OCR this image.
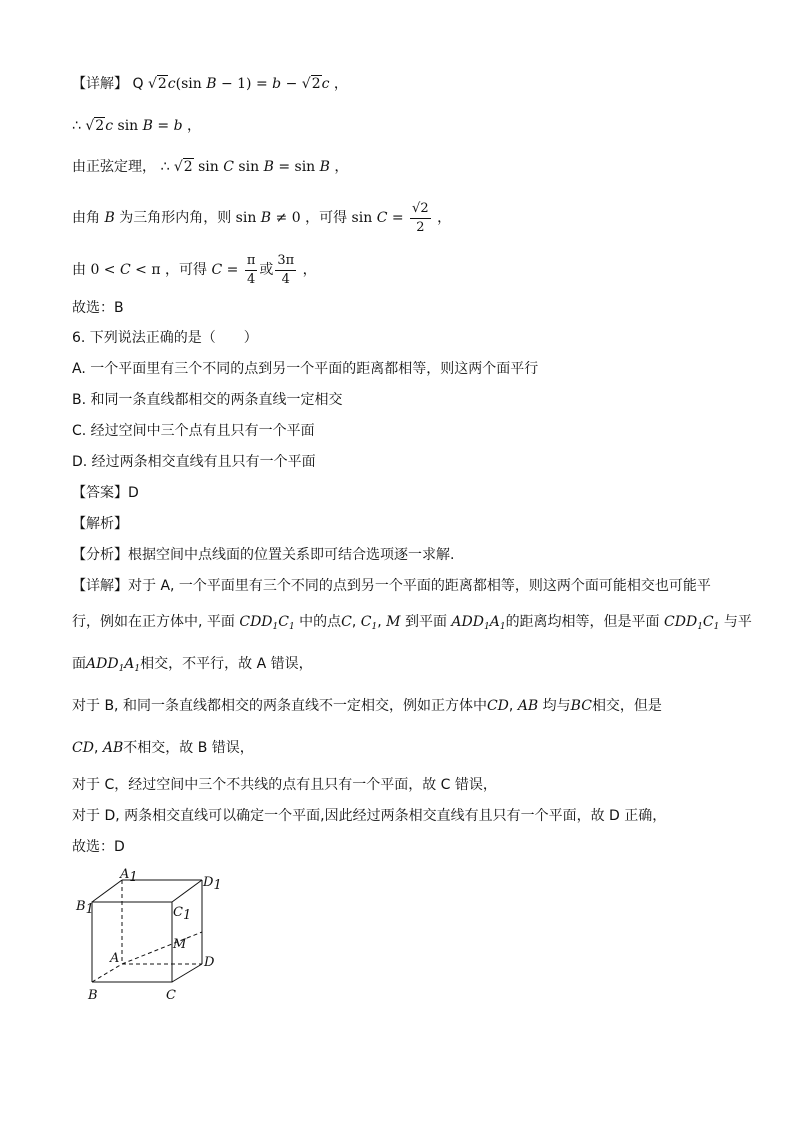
【详解】 Q √2c(sin B − 1) = b − √2c ，
∴ √2c sin B = b ，
由正弦定理， ∴ √2 sin C sin B = sin B ，
由角 B 为三角形内角，则 sin B ≠ 0 ，可得 $\sin C = \frac{√2}{2}$ ，
由 0 < C < π ，可得 $C = \frac{\pi}{4}$ 或 $\frac{3\pi}{4}$ ，
故选：B
6. 下列说法正确的是（　　）
A. 一个平面里有三个不同的点到另一个平面的距离都相等，则这两个面平行
B. 和同一条直线都相交的两条直线一定相交
C. 经过空间中三个点有且只有一个平面
D. 经过两条相交直线有且只有一个平面
【答案】D
【解析】
【分析】根据空间中点线面的位置关系即可结合选项逐一求解.
【详解】对于 A, 一个平面里有三个不同的点到另一个平面的距离都相等，则这两个面可能相交也可能平
行，例如在正方体中, 平面 $CDD_1C_1$ 中的点C, $C_1$, M 到平面 $ADD_1A_1$的距离均相等，但是平面 $CDD_1C_1$ 与平
面$ADD_1A_1$相交，不平行，故 A 错误，
对于 B, 和同一条直线都相交的两条直线不一定相交，例如正方体中CD, AB 均与BC相交，但是
CD, AB不相交，故 B 错误，
对于 C，经过空间中三个不共线的点有且只有一个平面，故 C 错误，
对于 D, 两条相交直线可以确定一个平面,因此经过两条相交直线有且只有一个平面，故 D 正确，
故选：D
A1	D1
B1	C1
M
A	D
B	C
